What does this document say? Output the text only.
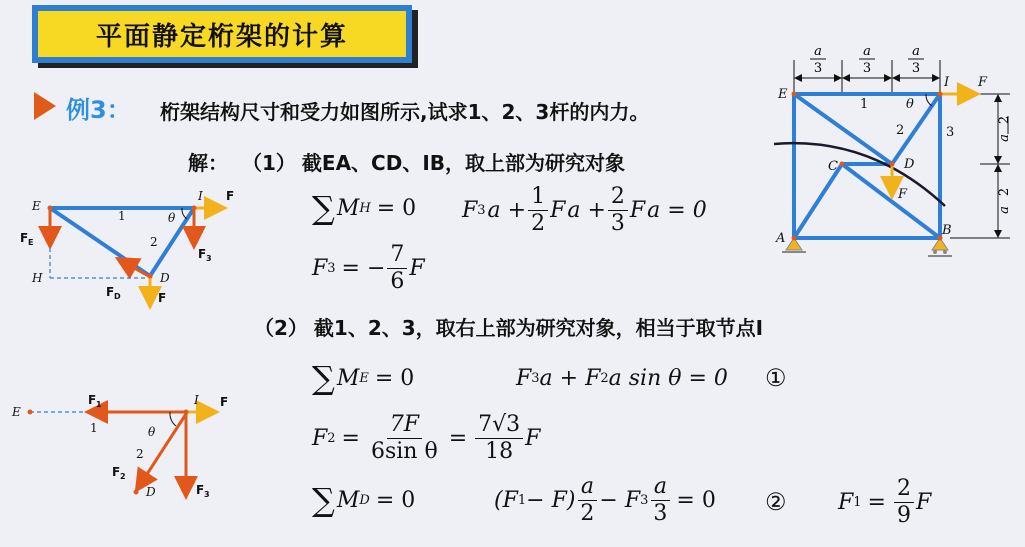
平面静定桁架的计算
例3： 桁架结构尺寸和受力如图所示,试求1、2、3杆的内力。
解： （1） 截EA、CD、IB，取上部为研究对象
∑ M H = 0 F 3 $a + \frac{1}{2}$ F $a + \frac{2}{3}$ F a = 0
F 3 = − $\frac{7}{6}$ F
（2） 截1、2、3，取右上部为研究对象，相当于取节点I
∑ M E = 0	F 3 a + F 2 a sin θ = 0 ①
F $2 = \frac{7F}{\text{6sin θ}} = \frac{7√3}{18}$ F
∑ M D = 0	(F $1 - F) \frac{a}{2} - F$ $3 \frac{a}{3} = 0$ ② F $1 = \frac{2}{9}$ F
a
3
a
3
a
3
a
2
a
2
E
I F
C	D
F
A
B
θ
1
2	3
E
I
H	D
θ
1
2
F
F E
F 3
F D	F
E
I
D
θ
1
2
F
F 1
F 2
F 3
